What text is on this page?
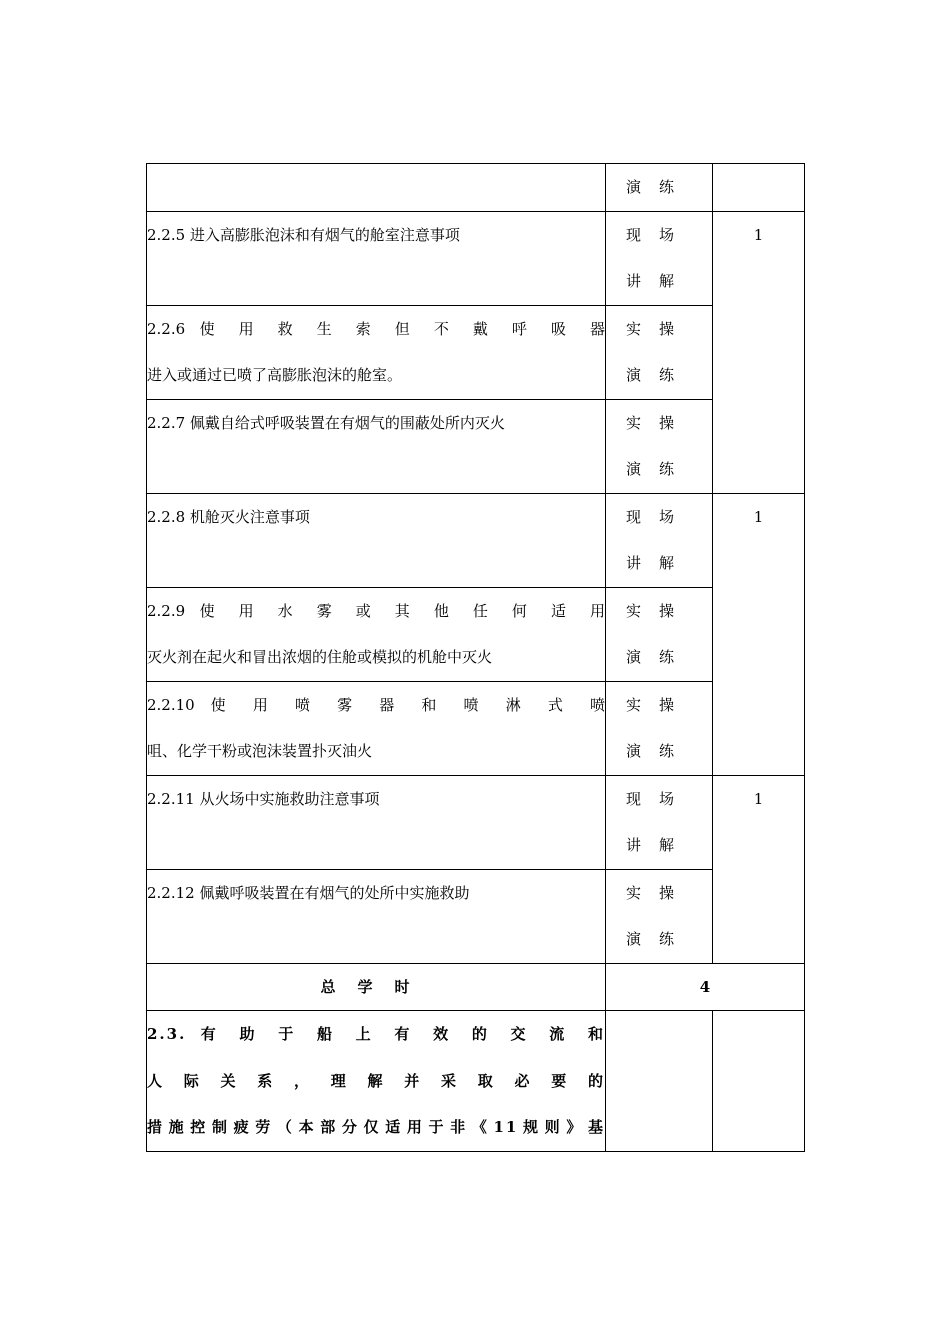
	演练	

2.2.5 进入高膨胀泡沫和有烟气的舱室注意事项	现场
讲解	1

2.2.6 使 用 救 生 索 但 不 戴 呼 吸 器
进入或通过已喷了高膨胀泡沫的舱室。	实操
演练	

2.2.7 佩戴自给式呼吸装置在有烟气的围蔽处所内灭火	实操
演练	

2.2.8 机舱灭火注意事项	现场
讲解	1

2.2.9 使 用 水 雾 或 其 他 任 何 适 用
灭火剂在起火和冒出浓烟的住舱或模拟的机舱中灭火	实操
演练	

2.2.10 使 用 喷 雾 器 和 喷 淋 式 喷
咀、化学干粉或泡沫装置扑灭油火	实操
演练	

2.2.11 从火场中实施救助注意事项	现场
讲解	1
2.2.12 佩戴呼吸装置在有烟气的处所中实施救助	实操
演练	

总学时	4	

2.3. 有 助 于 船 上 有 效 的 交 流 和
人 际 关 系 ， 理 解 并 采 取 必 要 的
措施控制疲劳（本部分仅适用于非《11规则》基		
